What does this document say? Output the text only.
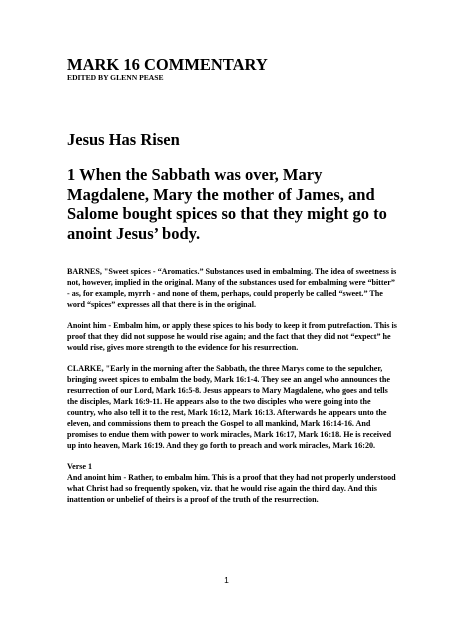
MARK 16 COMMENTARY
EDITED BY GLENN PEASE
Jesus Has Risen
1 When the Sabbath was over, Mary Magdalene, Mary the mother of James, and Salome bought spices so that they might go to anoint Jesus’ body.

BARNES, "Sweet spices - “Aromatics.” Substances used in embalming. The idea of sweetness is not, however, implied in the original. Many of the substances used for embalming were “bitter” - as, for example, myrrh - and none of them, perhaps, could properly be called “sweet.” The word “spices” expresses all that there is in the original.

Anoint him - Embalm him, or apply these spices to his body to keep it from putrefaction. This is proof that they did not suppose he would rise again; and the fact that they did not “expect” he would rise, gives more strength to the evidence for his resurrection.

CLARKE, "Early in the morning after the Sabbath, the three Marys come to the sepulcher, bringing sweet spices to embalm the body, Mark 16:1-4. They see an angel who announces the resurrection of our Lord, Mark 16:5-8. Jesus appears to Mary Magdalene, who goes and tells the disciples, Mark 16:9-11. He appears also to the two disciples who were going into the country, who also tell it to the rest, Mark 16:12, Mark 16:13. Afterwards he appears unto the eleven, and commissions them to preach the Gospel to all mankind, Mark 16:14-16. And promises to endue them with power to work miracles, Mark 16:17, Mark 16:18. He is received up into heaven, Mark 16:19. And they go forth to preach and work miracles, Mark 16:20.

Verse 1

And anoint him - Rather, to embalm him. This is a proof that they had not properly understood what Christ had so frequently spoken, viz. that he would rise again the third day. And this inattention or unbelief of theirs is a proof of the truth of the resurrection.

1
